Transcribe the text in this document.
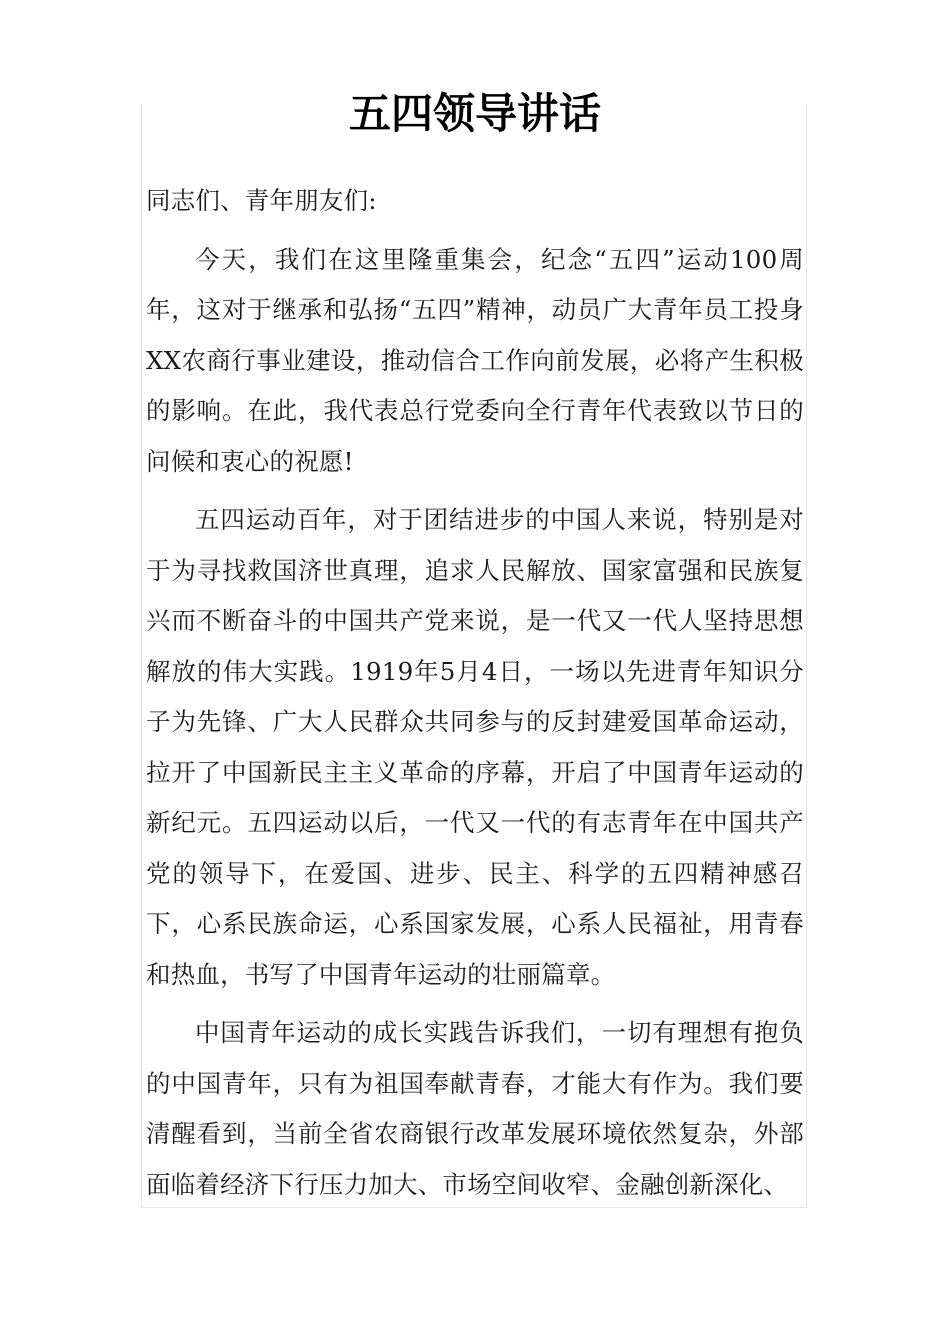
五四领导讲话

同志们、青年朋友们:

今天，我们在这里隆重集会，纪念“五四”运动100周年，这对于继承和弘扬“五四”精神，动员广大青年员工投身XX农商行事业建设，推动信合工作向前发展，必将产生积极的影响。在此，我代表总行党委向全行青年代表致以节日的问候和衷心的祝愿!

五四运动百年，对于团结进步的中国人来说，特别是对于为寻找救国济世真理，追求人民解放、国家富强和民族复兴而不断奋斗的中国共产党来说，是一代又一代人坚持思想解放的伟大实践。1919年5月4日，一场以先进青年知识分子为先锋、广大人民群众共同参与的反封建爱国革命运动，拉开了中国新民主主义革命的序幕，开启了中国青年运动的新纪元。五四运动以后，一代又一代的有志青年在中国共产党的领导下，在爱国、进步、民主、科学的五四精神感召下，心系民族命运，心系国家发展，心系人民福祉，用青春和热血，书写了中国青年运动的壮丽篇章。

中国青年运动的成长实践告诉我们，一切有理想有抱负的中国青年，只有为祖国奉献青春，才能大有作为。我们要清醒看到，当前全省农商银行改革发展环境依然复杂，外部面临着经济下行压力加大、市场空间收窄、金融创新深化、
